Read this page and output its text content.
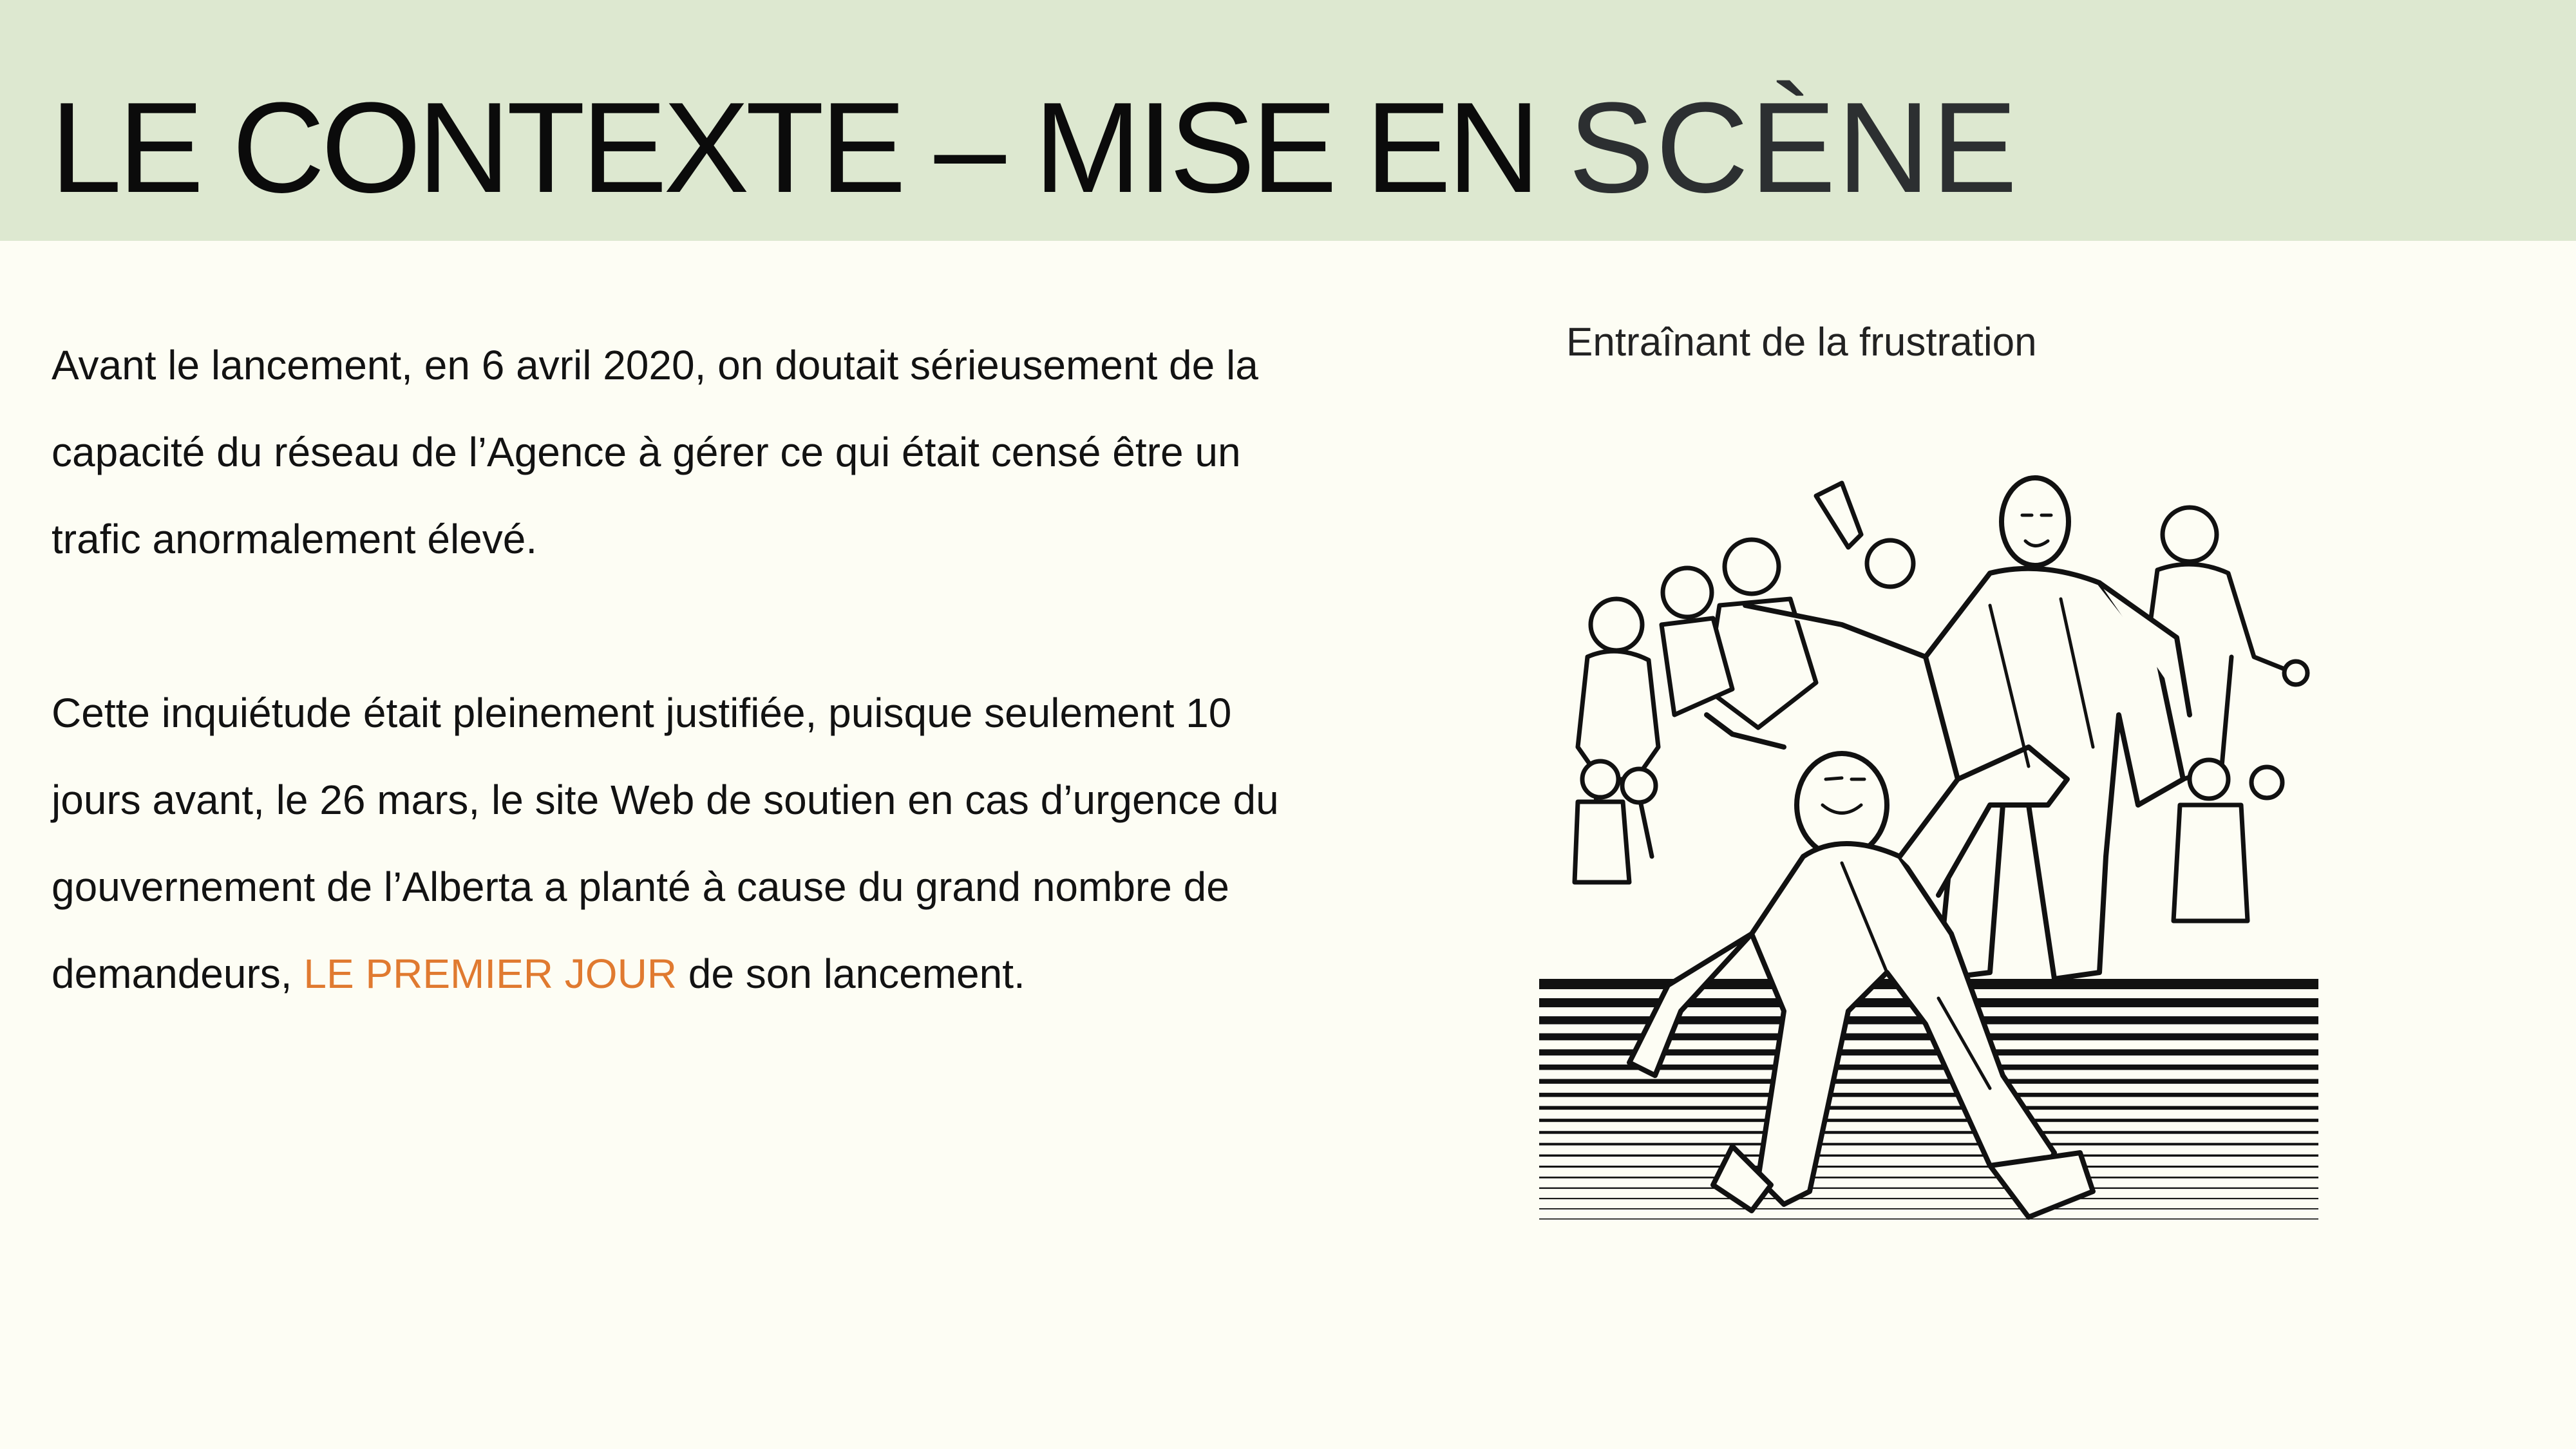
LE CONTEXTE – MISE EN SCÈNE

Avant le lancement, en 6 avril 2020, on doutait sérieusement de la capacité du réseau de l’Agence à gérer ce qui était censé être un trafic anormalement élevé.

Cette inquiétude était pleinement justifiée, puisque seulement 10 jours avant, le 26 mars, le site Web de soutien en cas d’urgence du gouvernement de l’Alberta a planté à cause du grand nombre de demandeurs, LE PREMIER JOUR de son lancement.

Entraînant de la frustration
